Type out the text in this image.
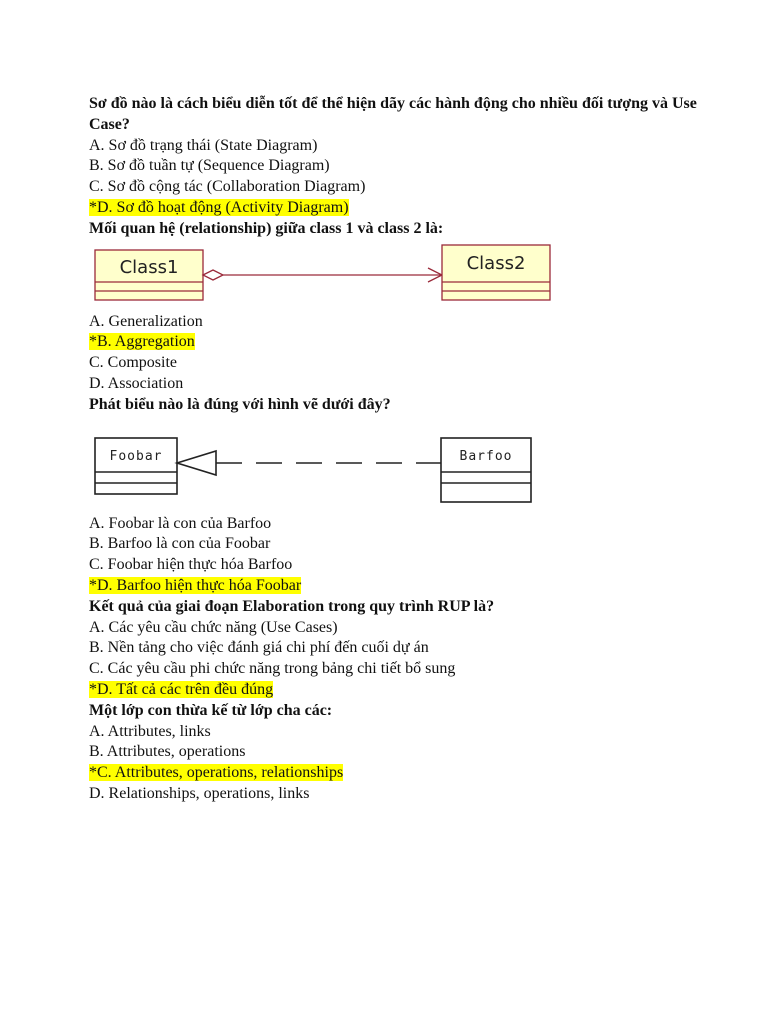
Sơ đồ nào là cách biểu diễn tốt để thể hiện dãy các hành động cho nhiều đối tượng và Use Case?
A. Sơ đồ trạng thái (State Diagram)
B. Sơ đồ tuần tự (Sequence Diagram)
C. Sơ đồ cộng tác (Collaboration Diagram)
*D. Sơ đồ hoạt động (Activity Diagram)
Mối quan hệ (relationship) giữa class 1 và class 2 là:
Class1	Class2
A. Generalization
*B. Aggregation
C. Composite
D. Association
Phát biểu nào là đúng với hình vẽ dưới đây?
Foobar	Barfoo
A. Foobar là con của Barfoo
B. Barfoo là con của Foobar
C. Foobar hiện thực hóa Barfoo
*D. Barfoo hiện thực hóa Foobar
Kết quả của giai đoạn Elaboration trong quy trình RUP là?
A. Các yêu cầu chức năng (Use Cases)
B. Nền tảng cho việc đánh giá chi phí đến cuối dự án
C. Các yêu cầu phi chức năng trong bảng chi tiết bổ sung
*D. Tất cả các trên đều đúng
Một lớp con thừa kế từ lớp cha các:
A. Attributes, links
B. Attributes, operations
*C. Attributes, operations, relationships
D. Relationships, operations, links
